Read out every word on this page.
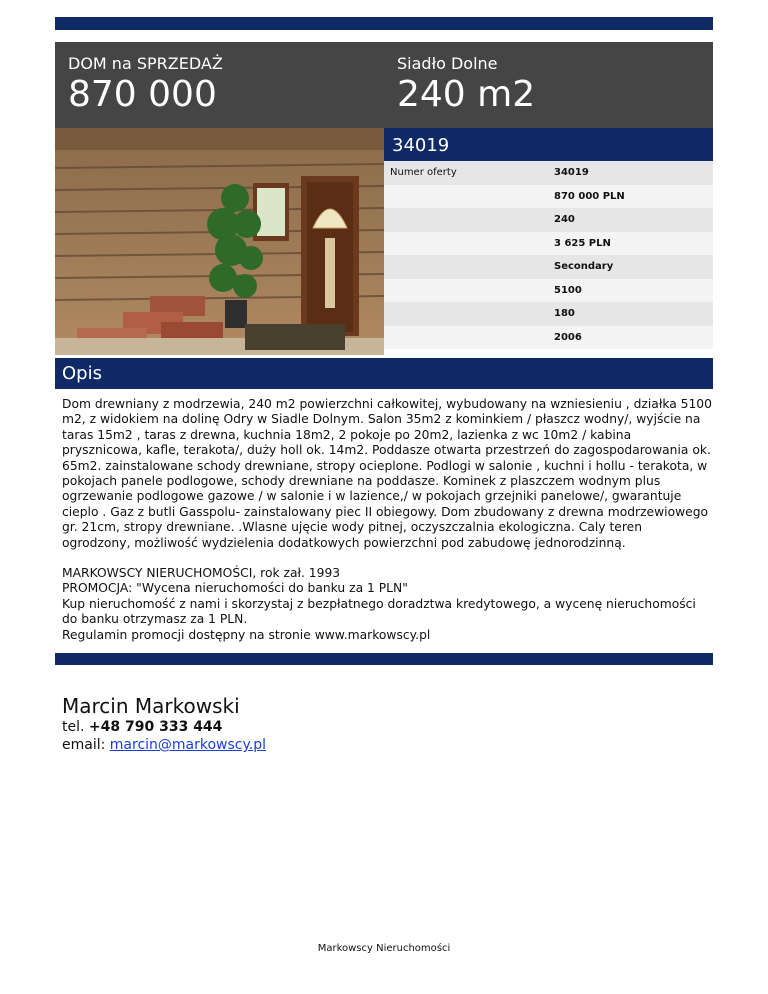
DOM na SPRZEDAŻ
870 000
Siadło Dolne
240 m2
34019
Numer oferty	34019
870 000 PLN
240
3 625 PLN
Secondary
5100
180
2006
Opis

Dom drewniany z modrzewia, 240 m2 powierzchni całkowitej, wybudowany na wzniesieniu , działka 5100 m2, z widokiem na dolinę Odry w Siadle Dolnym. Salon 35m2 z kominkiem / płaszcz wodny/, wyjście na taras 15m2 , taras z drewna, kuchnia 18m2, 2 pokoje po 20m2, lazienka z wc 10m2 / kabina prysznicowa, kafle, terakota/, duży holl ok. 14m2. Poddasze otwarta przestrzeń do zagospodarowania ok. 65m2. zainstalowane schody drewniane, stropy ocieplone. Podlogi w salonie , kuchni i hollu - terakota, w pokojach panele podlogowe, schody drewniane na poddasze. Kominek z plaszczem wodnym plus ogrzewanie podlogowe gazowe / w salonie i w lazience,/ w pokojach grzejniki panelowe/, gwarantuje cieplo . Gaz z butli Gasspolu- zainstalowany piec II obiegowy. Dom zbudowany z drewna modrzewiowego gr. 21cm, stropy drewniane. .Wlasne ujęcie wody pitnej, oczyszczalnia ekologiczna. Caly teren ogrodzony, możliwość wydzielenia dodatkowych powierzchni pod zabudowę jednorodzinną.

MARKOWSCY NIERUCHOMOŚCI, rok zał. 1993
PROMOCJA: "Wycena nieruchomości do banku za 1 PLN"
Kup nieruchomość z nami i skorzystaj z bezpłatnego doradztwa kredytowego, a wycenę nieruchomości do banku otrzymasz za 1 PLN.
Regulamin promocji dostępny na stronie www.markowscy.pl
Marcin Markowski
tel. +48 790 333 444
email: marcin@markowscy.pl
Markowscy Nieruchomości
